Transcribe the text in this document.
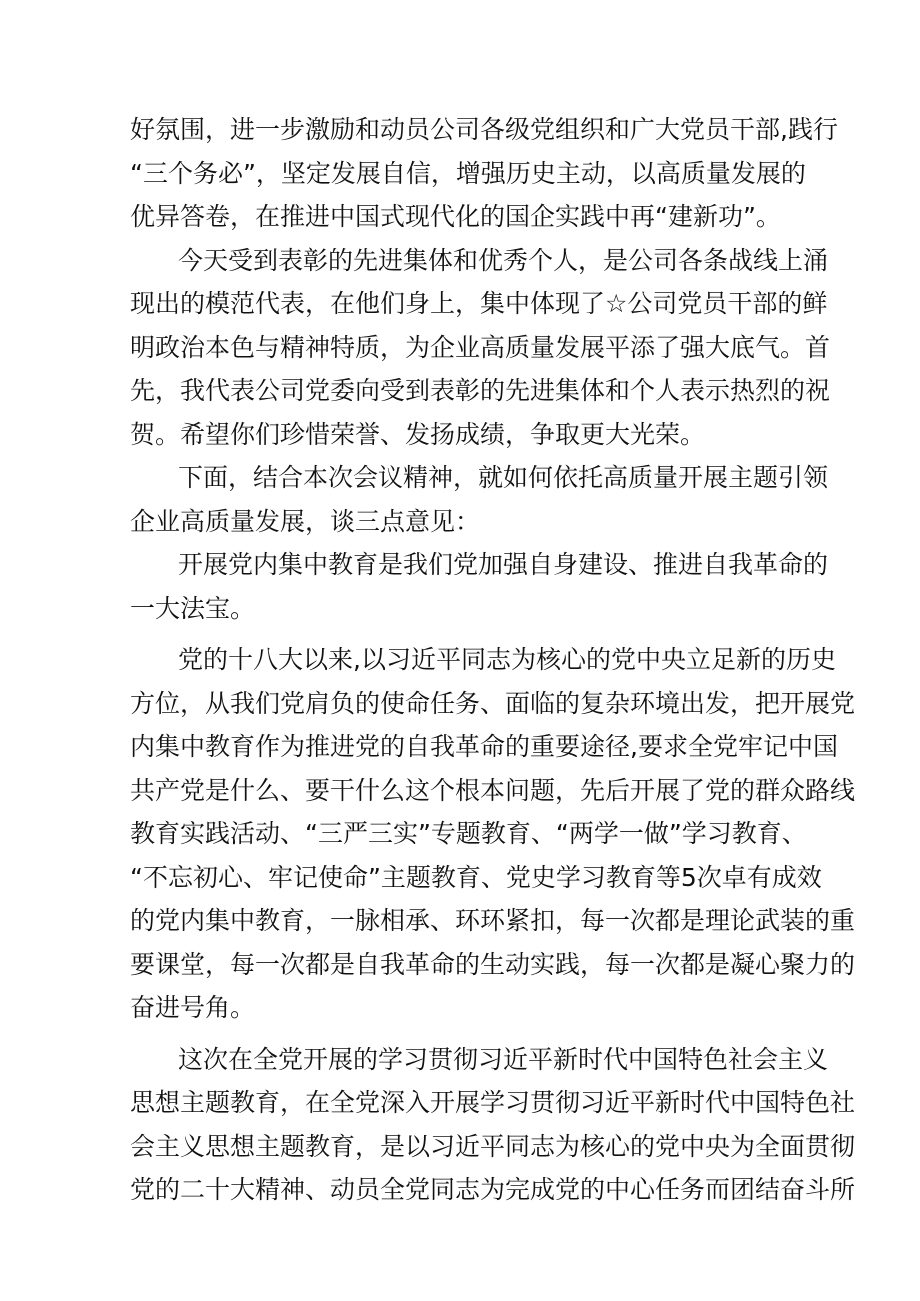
好氛围，进一步激励和动员公司各级党组织和广大党员干部,践行
“三个务必”，坚定发展自信，增强历史主动，以高质量发展的
优异答卷，在推进中国式现代化的国企实践中再“建新功”。
今天受到表彰的先进集体和优秀个人，是公司各条战线上涌
现出的模范代表，在他们身上，集中体现了☆公司党员干部的鲜
明政治本色与精神特质，为企业高质量发展平添了强大底气。首
先，我代表公司党委向受到表彰的先进集体和个人表示热烈的祝
贺。希望你们珍惜荣誉、发扬成绩，争取更大光荣。
下面，结合本次会议精神，就如何依托高质量开展主题引领
企业高质量发展，谈三点意见：
开展党内集中教育是我们党加强自身建设、推进自我革命的
一大法宝。
党的十八大以来,以习近平同志为核心的党中央立足新的历史
方位，从我们党肩负的使命任务、面临的复杂环境出发，把开展党
内集中教育作为推进党的自我革命的重要途径,要求全党牢记中国
共产党是什么、要干什么这个根本问题，先后开展了党的群众路线
教育实践活动、“三严三实”专题教育、“两学一做”学习教育、
“不忘初心、牢记使命”主题教育、党史学习教育等5次卓有成效
的党内集中教育，一脉相承、环环紧扣，每一次都是理论武装的重
要课堂，每一次都是自我革命的生动实践，每一次都是凝心聚力的
奋进号角。
这次在全党开展的学习贯彻习近平新时代中国特色社会主义
思想主题教育，在全党深入开展学习贯彻习近平新时代中国特色社
会主义思想主题教育，是以习近平同志为核心的党中央为全面贯彻
党的二十大精神、动员全党同志为完成党的中心任务而团结奋斗所
